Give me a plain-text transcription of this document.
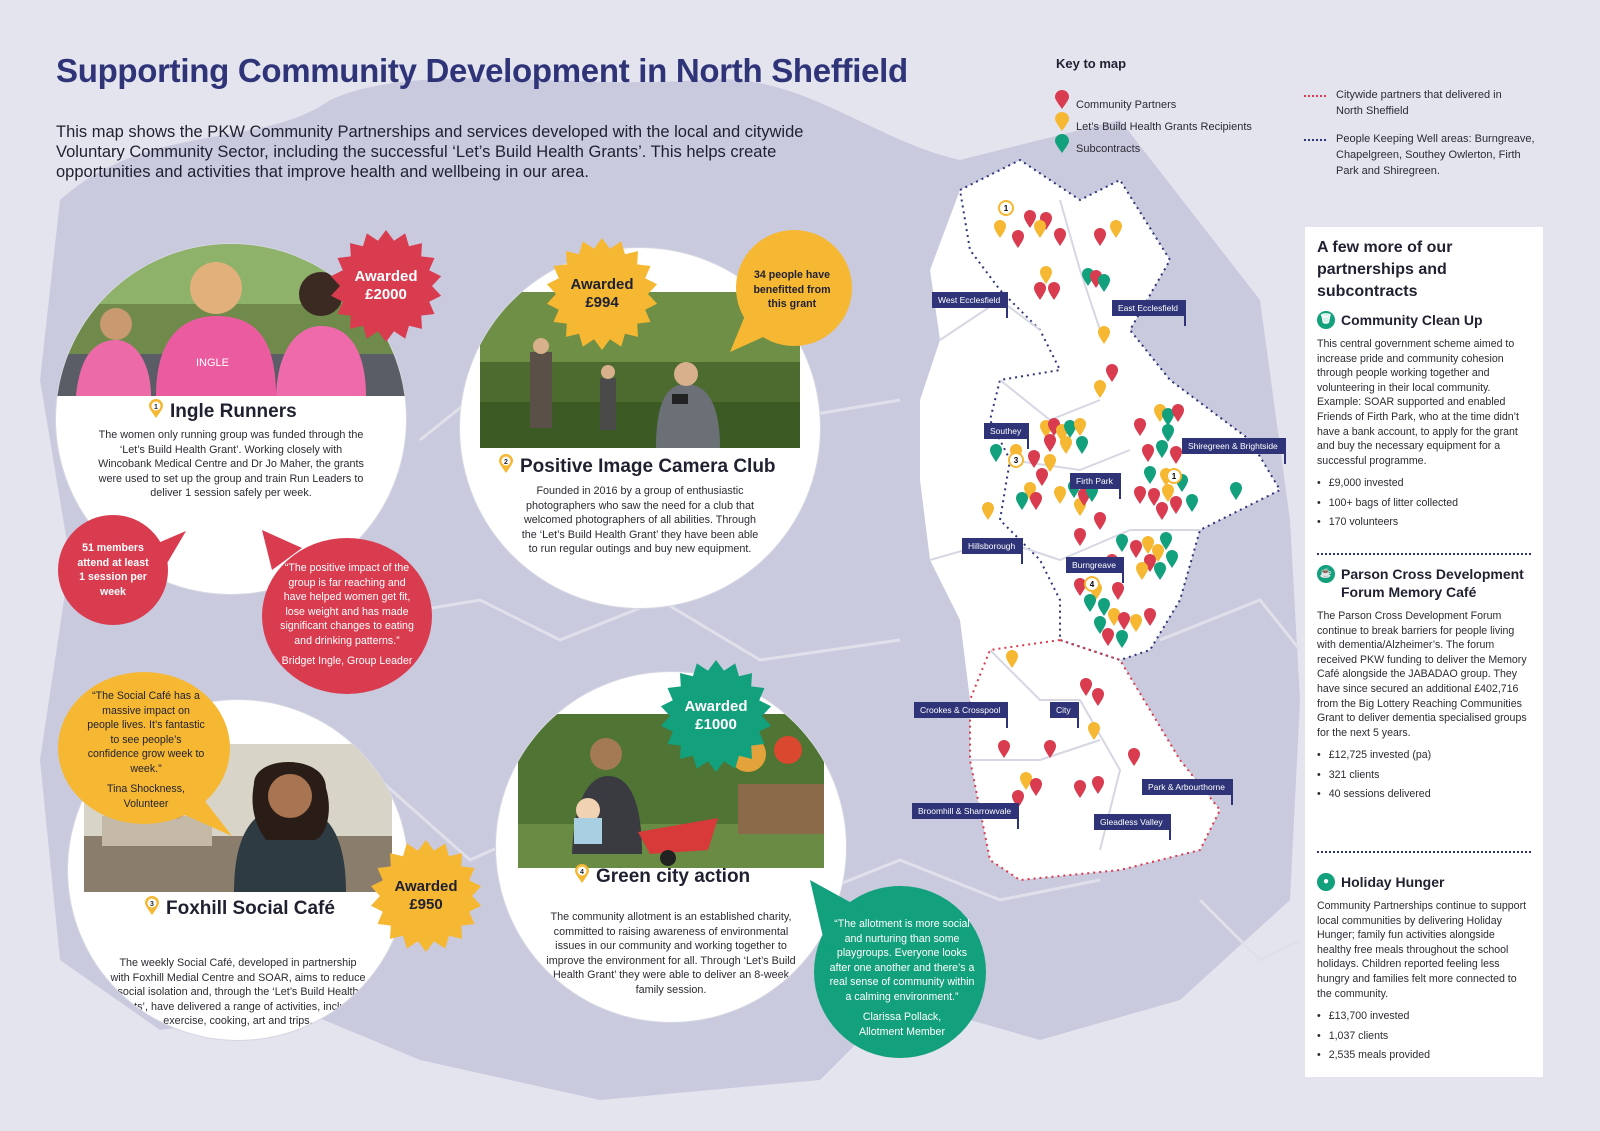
1
1
3
4
West Ecclesfield
East Ecclesfield
Southey
Shiregreen & Brightside
Firth Park
Hillsborough
Burngreave
Crookes & Crosspool	City
Park & Arbourthorne
Broomhill & Sharrowvale
Gleadless Valley
Supporting Community Development in North Sheffield

This map shows the PKW Community Partnerships and services developed with the local and citywide Voluntary Community Sector, including the successful ‘Let’s Build Health Grants’. This helps create opportunities and activities that improve health and wellbeing in our area.

Key to map
Community Partners
Let’s Build Health Grants Recipients
Subcontracts
Citywide partners that delivered in North Sheffield
People Keeping Well areas: Burngreave, Chapelgreen, Southey Owlerton, Firth Park and Shiregreen.
INGLE
1 Ingle Runners
The women only running group was funded through the ‘Let’s Build Health Grant’. Working closely with Wincobank Medical Centre and Dr Jo Maher, the grants were used to set up the group and train Run Leaders to deliver 1 session safely per week.
Awarded £2000
51 members attend at least 1 session per week
“The positive impact of the group is far reaching and have helped women get fit, lose weight and has made significant changes to eating and drinking patterns.”
Bridget Ingle, Group Leader
2 Positive Image Camera Club
Founded in 2016 by a group of enthusiastic photographers who saw the need for a club that welcomed photographers of all abilities. Through the ‘Let’s Build Health Grant’ they have been able to run regular outings and buy new equipment.
Awarded £994
34 people have benefitted from this grant
3 Foxhill Social Café
The weekly Social Café, developed in partnership with Foxhill Medial Centre and SOAR, aims to reduce social isolation and, through the ‘Let’s Build Health Grants’, have delivered a range of activities, including exercise, cooking, art and trips.
Awarded £950
“The Social Café has a massive impact on people lives. It’s fantastic to see people’s confidence grow week to week.”
Tina Shockness, Volunteer
4 Green city action
The community allotment is an established charity, committed to raising awareness of environmental issues in our community and working together to improve the environment for all. Through ‘Let’s Build Health Grant’ they were able to deliver an 8-week family session.
Awarded £1000
“The allotment is more social and nurturing than some playgroups. Everyone looks after one another and there’s a real sense of community within a calming environment.”
Clarissa Pollack, Allotment Member
A few more of our partnerships and subcontracts
🗑 Community Clean Up

This central government scheme aimed to increase pride and community cohesion through people working together and volunteering in their local community. Example: SOAR supported and enabled Friends of Firth Park, who at the time didn’t have a bank account, to apply for the grant and buy the necessary equipment for a successful programme.

• £9,000 invested
• 100+ bags of litter collected
• 170 volunteers
☕ Parson Cross Development Forum Memory Café

The Parson Cross Development Forum continue to break barriers for people living with dementia/Alzheimer’s. The forum received PKW funding to deliver the Memory Café alongside the JABADAO group. They have since secured an additional £402,716 from the Big Lottery Reaching Communities Grant to deliver dementia specialised groups for the next 5 years.

• £12,725 invested (pa)
• 321 clients
• 40 sessions delivered
● Holiday Hunger

Community Partnerships continue to support local communities by delivering Holiday Hunger; family fun activities alongside healthy free meals throughout the school holidays. Children reported feeling less hungry and families felt more connected to the community.

• £13,700 invested
• 1,037 clients
• 2,535 meals provided
